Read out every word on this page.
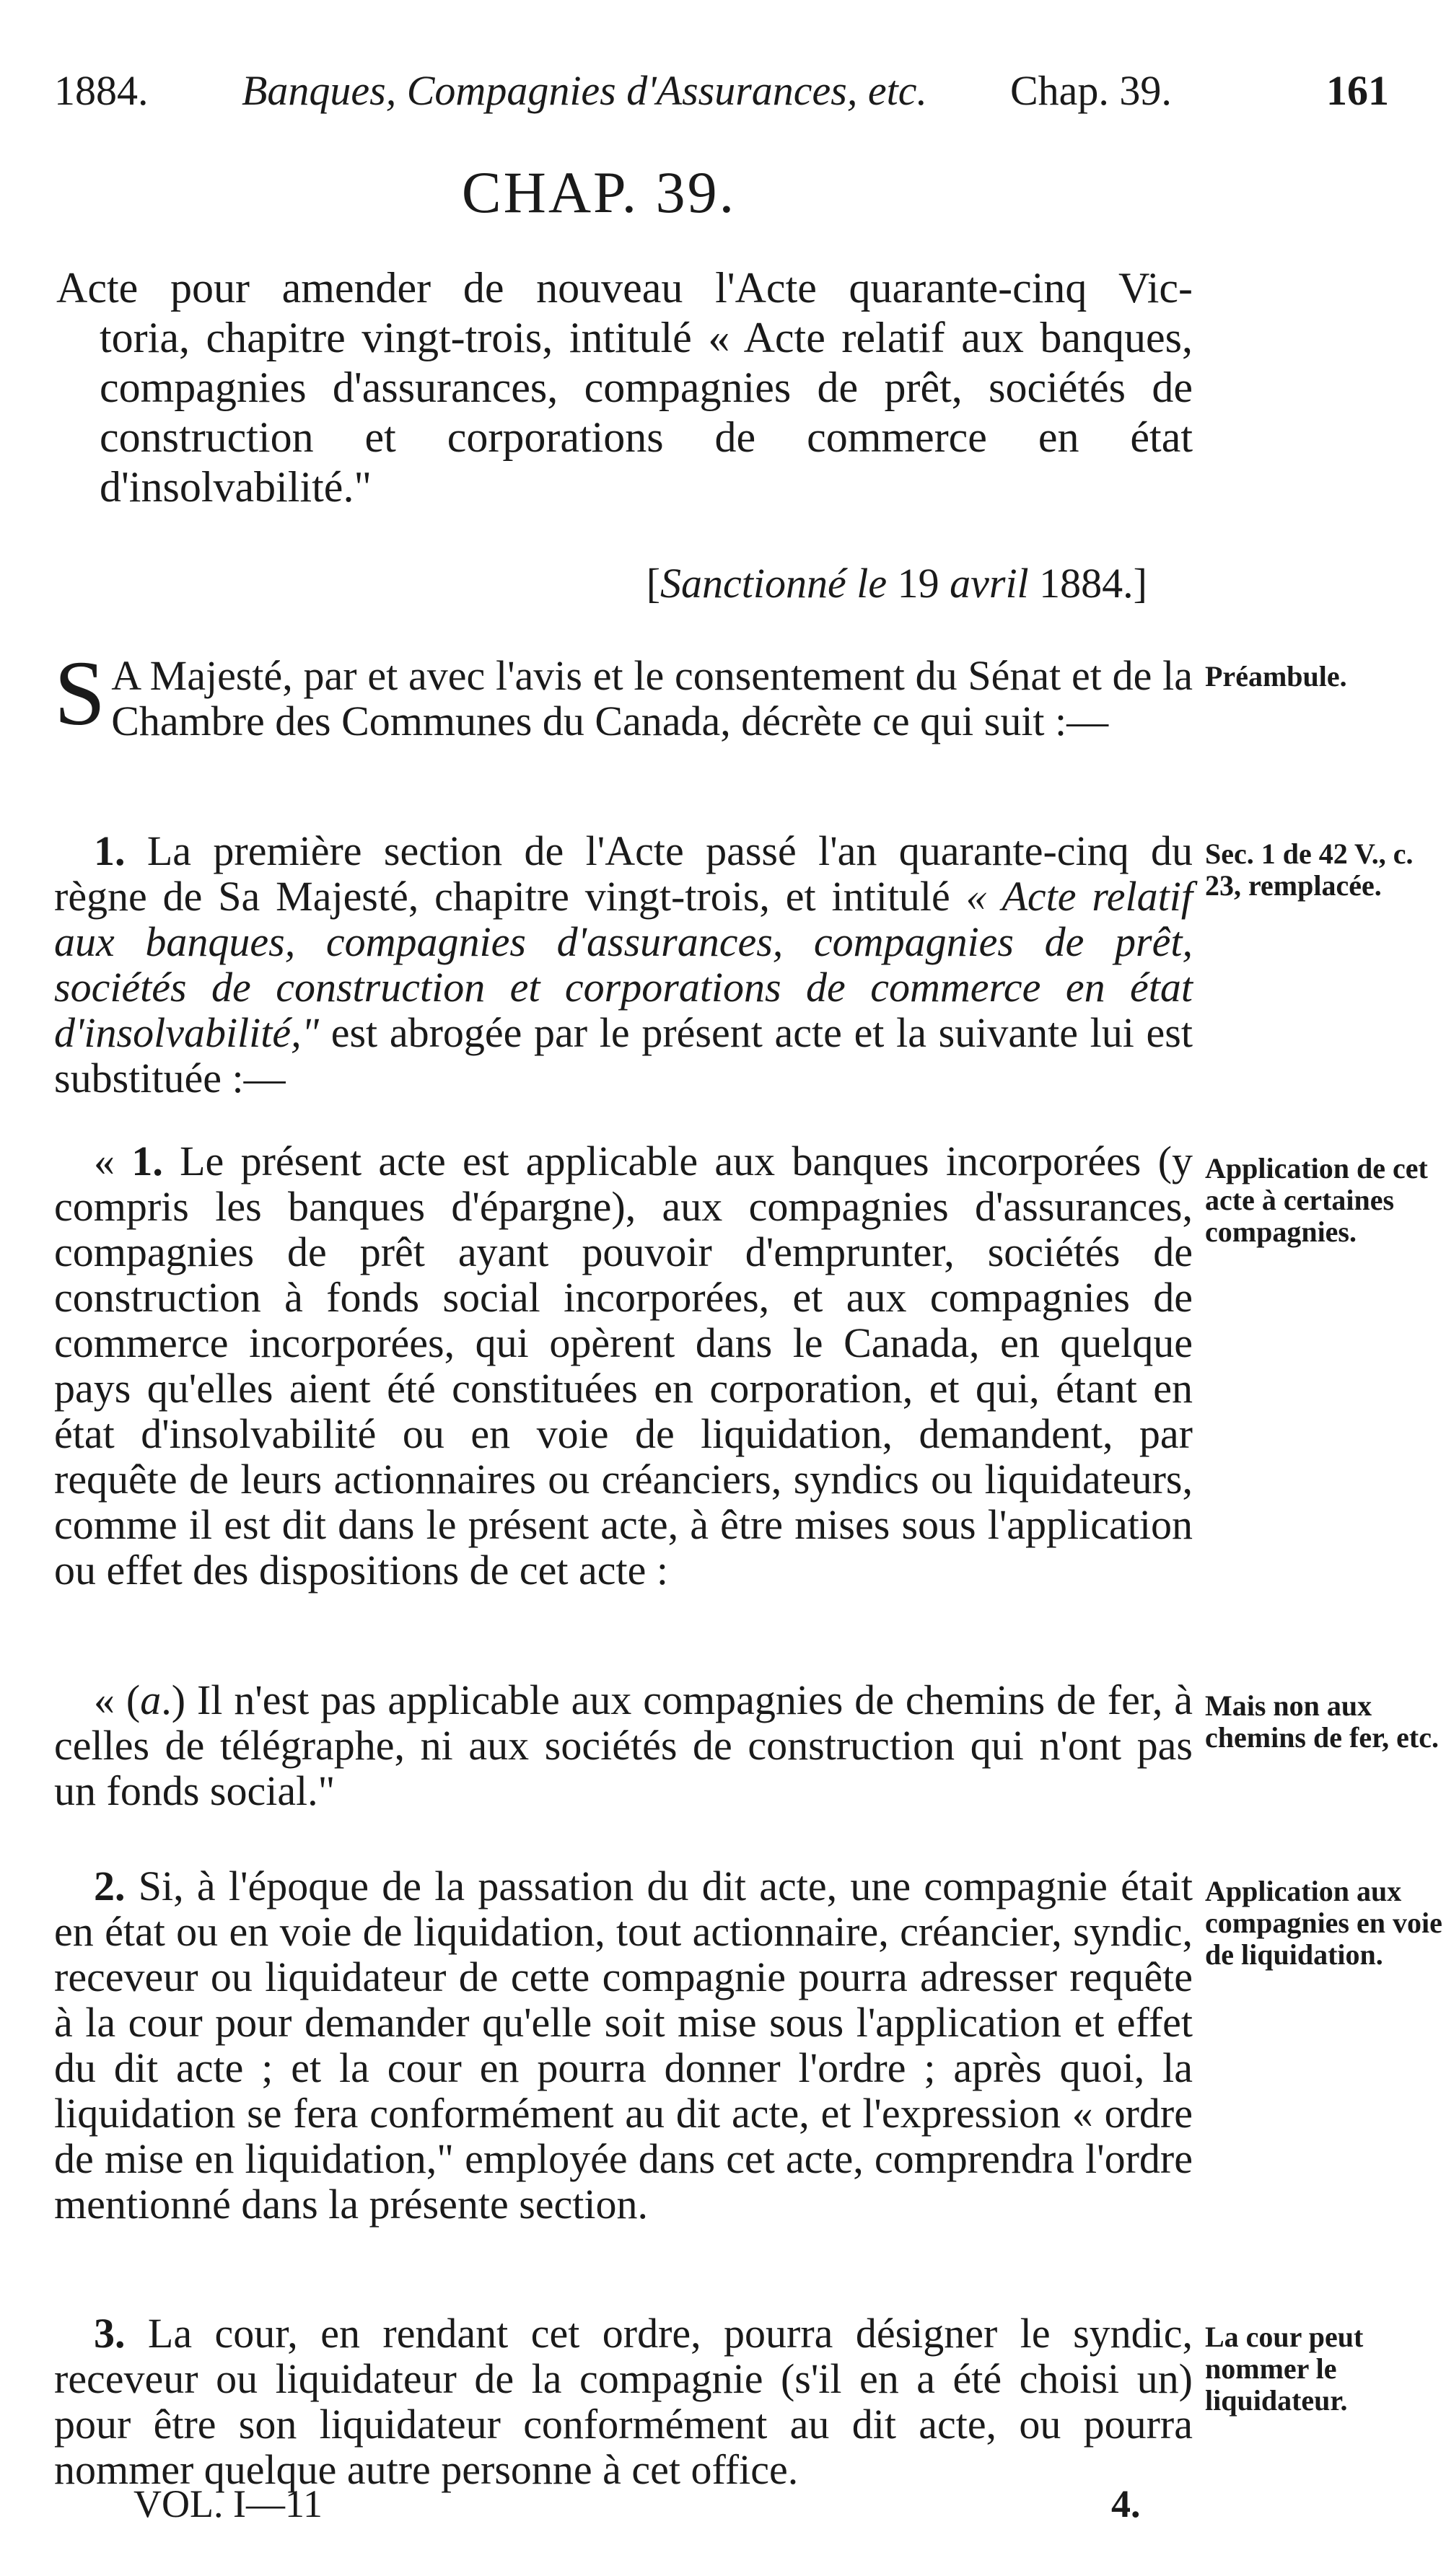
1884. Banques, Compagnies d'Assurances, etc. Chap. 39.	161
CHAP. 39.
Acte pour amender de nouveau l'Acte quarante-cinq Vic-
toria, chapitre vingt-trois, intitulé « Acte relatif aux banques, compagnies d'assurances, compagnies de prêt, sociétés de construction et corporations de commerce en état d'insolvabilité."
[Sanctionné le 19 avril 1884.]

S A Majesté, par et avec l'avis et le consentement du Sénat et de la Chambre des Communes du Canada, décrète ce qui suit :—

Préambule.

1. La première section de l'Acte passé l'an quarante-cinq du règne de Sa Majesté, chapitre vingt-trois, et intitulé « Acte relatif aux banques, compagnies d'assurances, compagnies de prêt, sociétés de construction et corporations de commerce en état d'insolvabilité," est abrogée par le présent acte et la suivante lui est substituée :—

Sec. 1 de 42 V., c. 23, remplacée.

« 1. Le présent acte est applicable aux banques incorporées (y compris les banques d'épargne), aux compagnies d'assurances, compagnies de prêt ayant pouvoir d'emprunter, sociétés de construction à fonds social incorporées, et aux compagnies de commerce incorporées, qui opèrent dans le Canada, en quelque pays qu'elles aient été constituées en corporation, et qui, étant en état d'insolvabilité ou en voie de liquidation, demandent, par requête de leurs actionnaires ou créanciers, syndics ou liquidateurs, comme il est dit dans le présent acte, à être mises sous l'application ou effet des dispositions de cet acte :

Application de cet acte à certaines compagnies.

« (a.) Il n'est pas applicable aux compagnies de chemins de fer, à celles de télégraphe, ni aux sociétés de construction qui n'ont pas un fonds social."

Mais non aux chemins de fer, etc.

2. Si, à l'époque de la passation du dit acte, une compagnie était en état ou en voie de liquidation, tout actionnaire, créancier, syndic, receveur ou liquidateur de cette compagnie pourra adresser requête à la cour pour demander qu'elle soit mise sous l'application et effet du dit acte ; et la cour en pourra donner l'ordre ; après quoi, la liquidation se fera conformément au dit acte, et l'expression « ordre de mise en liquidation," employée dans cet acte, comprendra l'ordre mentionné dans la présente section.

Application aux compagnies en voie de liquidation.

3. La cour, en rendant cet ordre, pourra désigner le syndic, receveur ou liquidateur de la compagnie (s'il en a été choisi un) pour être son liquidateur conformément au dit acte, ou pourra nommer quelque autre personne à cet office.

La cour peut nommer le liquidateur.
VOL. I—11	4.
